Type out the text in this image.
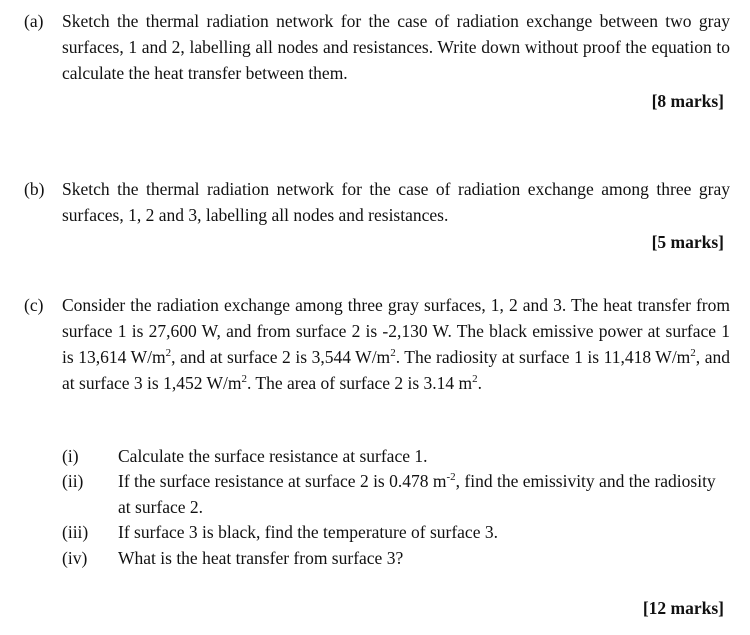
(a) Sketch the thermal radiation network for the case of radiation exchange between two gray surfaces, 1 and 2, labelling all nodes and resistances. Write down without proof the equation to calculate the heat transfer between them.
[8 marks]
(b) Sketch the thermal radiation network for the case of radiation exchange among three gray surfaces, 1, 2 and 3, labelling all nodes and resistances.
[5 marks]
(c) Consider the radiation exchange among three gray surfaces, 1, 2 and 3. The heat transfer from surface 1 is 27,600 W, and from surface 2 is -2,130 W. The black emissive power at surface 1 is 13,614 $W/m^2$, and at surface 2 is 3,544 $W/m^2$. The radiosity at surface 1 is 11,418 $W/m^2$, and at surface 3 is 1,452 $W/m^2$. The area of surface 2 is 3.14 $m^2$.
(i) Calculate the surface resistance at surface 1.
(ii) If the surface resistance at surface 2 is 0.478 $m^{-2}$, find the emissivity and the radiosity at surface 2.
(iii) If surface 3 is black, find the temperature of surface 3.
(iv) What is the heat transfer from surface 3?
[12 marks]
